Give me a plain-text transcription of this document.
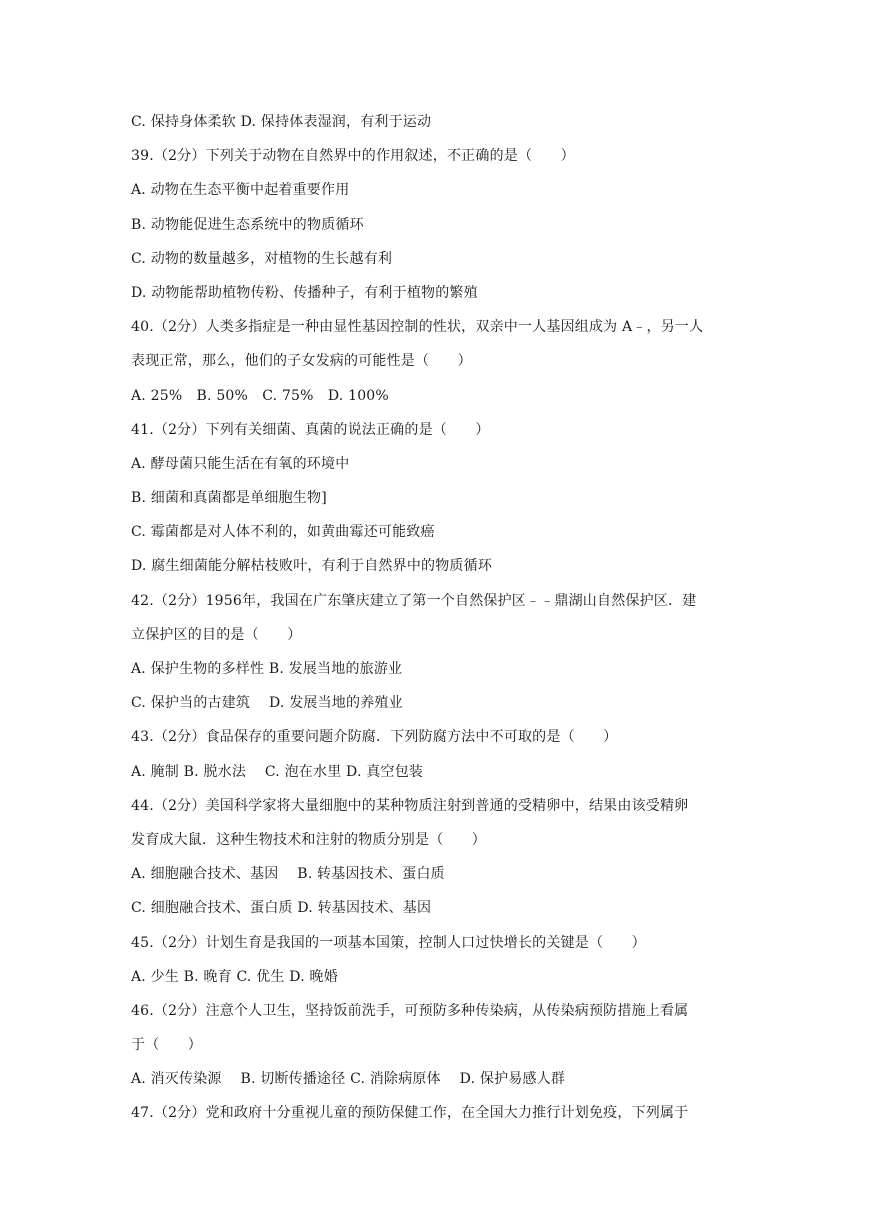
C. 保持身体柔软 D. 保持体表湿润，有利于运动
39.（2分）下列关于动物在自然界中的作用叙述，不正确的是（　　）
A. 动物在生态平衡中起着重要作用
B. 动物能促进生态系统中的物质循环
C. 动物的数量越多，对植物的生长越有利
D. 动物能帮助植物传粉、传播种子，有利于植物的繁殖
40.（2分）人类多指症是一种由显性基因控制的性状，双亲中一人基因组成为 A﹣，另一人
表现正常，那么，他们的子女发病的可能性是（　　）
A. 25%　B. 50%　C. 75%　D. 100%
41.（2分）下列有关细菌、真菌的说法正确的是（　　）
A. 酵母菌只能生活在有氧的环境中
B. 细菌和真菌都是单细胞生物]
C. 霉菌都是对人体不利的，如黄曲霉还可能致癌
D. 腐生细菌能分解枯枝败叶，有利于自然界中的物质循环
42.（2分）1956年，我国在广东肇庆建立了第一个自然保护区﹣﹣鼎湖山自然保护区．建
立保护区的目的是（　　）
A. 保护生物的多样性 B. 发展当地的旅游业
C. 保护当的古建筑　 D. 发展当地的养殖业
43.（2分）食品保存的重要问题介防腐．下列防腐方法中不可取的是（　　）
A. 腌制 B. 脱水法　 C. 泡在水里 D. 真空包装
44.（2分）美国科学家将大量细胞中的某种物质注射到普通的受精卵中，结果由该受精卵
发育成大鼠．这种生物技术和注射的物质分别是（　　）
A. 细胞融合技术、基因　 B. 转基因技术、蛋白质
C. 细胞融合技术、蛋白质 D. 转基因技术、基因
45.（2分）计划生育是我国的一项基本国策，控制人口过快增长的关键是（　　）
A. 少生 B. 晚育 C. 优生 D. 晚婚
46.（2分）注意个人卫生，坚持饭前洗手，可预防多种传染病，从传染病预防措施上看属
于（　　）
A. 消灭传染源　 B. 切断传播途径 C. 消除病原体　 D. 保护易感人群
47.（2分）党和政府十分重视儿童的预防保健工作，在全国大力推行计划免疫，下列属于
